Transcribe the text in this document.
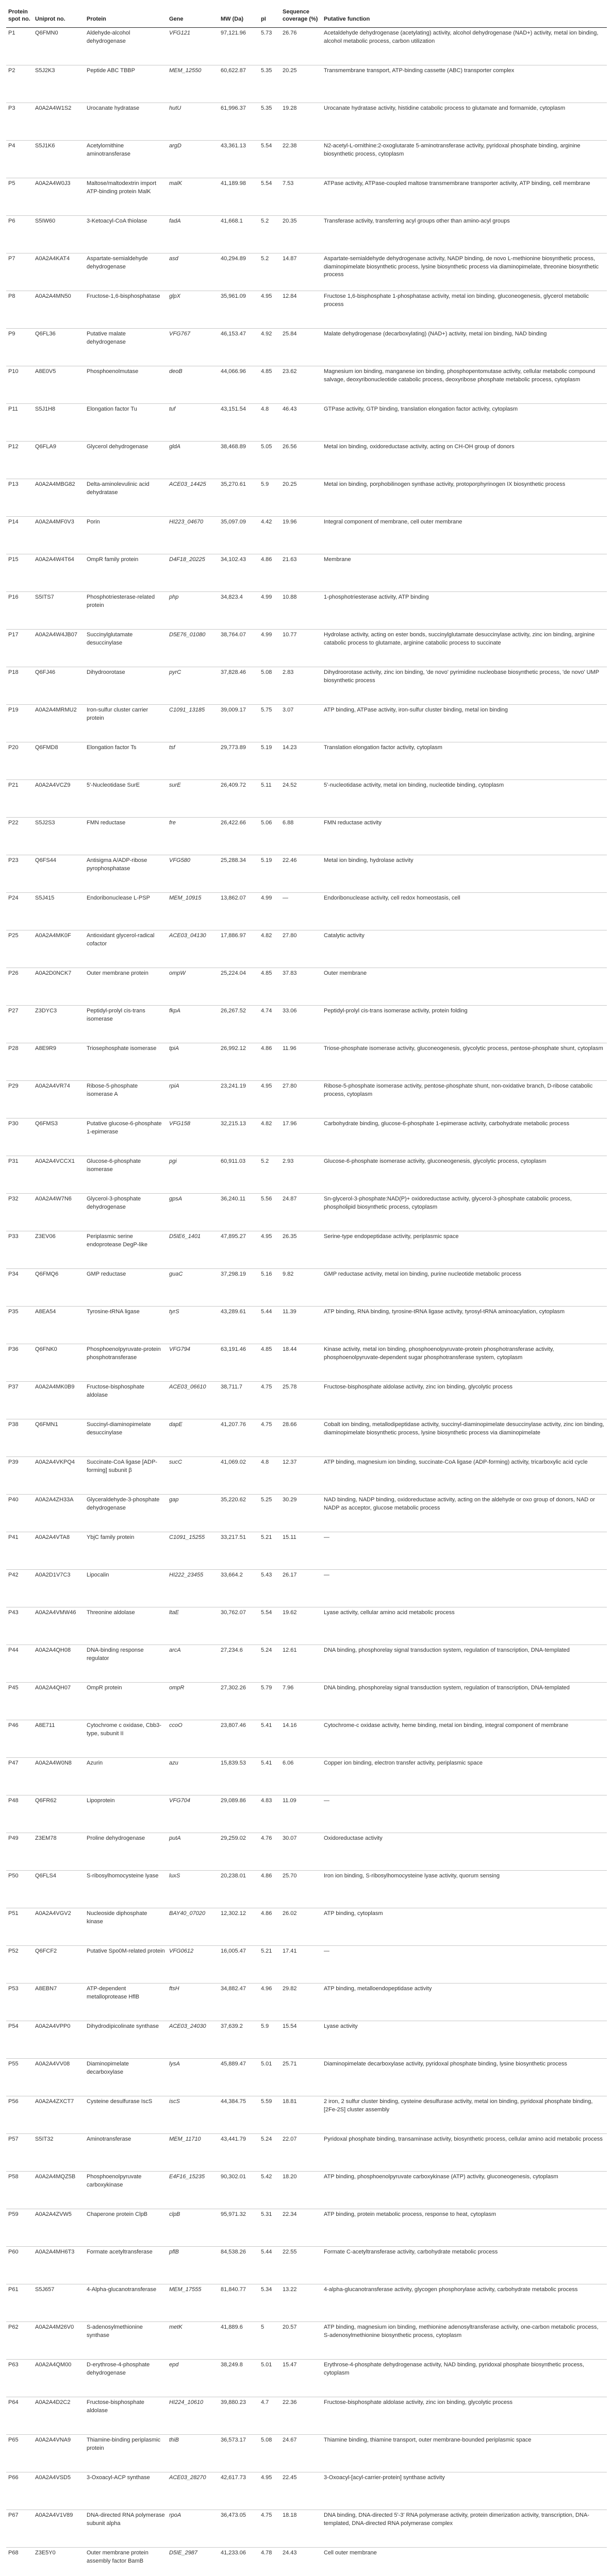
Protein spot no.	Uniprot no.	Protein	Gene	MW (Da)	pI	Sequence coverage (%)	Putative function
P1	Q6FMN0	Aldehyde-alcohol dehydrogenase	VFG121	97,121.96	5.73	26.76	Acetaldehyde dehydrogenase (acetylating) activity, alcohol dehydrogenase (NAD+) activity, metal ion binding, alcohol metabolic process, carbon utilization
P2	S5J2K3	Peptide ABC TBBP	MEM_12550	60,622.87	5.35	20.25	Transmembrane transport, ATP-binding cassette (ABC) transporter complex
P3	A0A2A4W1S2	Urocanate hydratase	hutU	61,996.37	5.35	19.28	Urocanate hydratase activity, histidine catabolic process to glutamate and formamide, cytoplasm
P4	S5J1K6	Acetylornithine aminotransferase	argD	43,361.13	5.54	22.38	N2-acetyl-L-ornithine:2-oxoglutarate 5-aminotransferase activity, pyridoxal phosphate binding, arginine biosynthetic process, cytoplasm
P5	A0A2A4W0J3	Maltose/maltodextrin import ATP-binding protein MalK	malK	41,189.98	5.54	7.53	ATPase activity, ATPase-coupled maltose transmembrane transporter activity, ATP binding, cell membrane
P6	S5IW60	3-Ketoacyl-CoA thiolase	fadA	41,668.1	5.2	20.35	Transferase activity, transferring acyl groups other than amino-acyl groups
P7	A0A2A4KAT4	Aspartate-semialdehyde dehydrogenase	asd	40,294.89	5.2	14.87	Aspartate-semialdehyde dehydrogenase activity, NADP binding, de novo L-methionine biosynthetic process, diaminopimelate biosynthetic process, lysine biosynthetic process via diaminopimelate, threonine biosynthetic process
P8	A0A2A4MN50	Fructose-1,6-bisphosphatase	glpX	35,961.09	4.95	12.84	Fructose 1,6-bisphosphate 1-phosphatase activity, metal ion binding, gluconeogenesis, glycerol metabolic process
P9	Q6FL36	Putative malate dehydrogenase	VFG767	46,153.47	4.92	25.84	Malate dehydrogenase (decarboxylating) (NAD+) activity, metal ion binding, NAD binding
P10	A8E0V5	Phosphoenolmutase	deoB	44,066.96	4.85	23.62	Magnesium ion binding, manganese ion binding, phosphopentomutase activity, cellular metabolic compound salvage, deoxyribonucleotide catabolic process, deoxyribose phosphate metabolic process, cytoplasm
P11	S5J1H8	Elongation factor Tu	tuf	43,151.54	4.8	46.43	GTPase activity, GTP binding, translation elongation factor activity, cytoplasm
P12	Q6FLA9	Glycerol dehydrogenase	gldA	38,468.89	5.05	26.56	Metal ion binding, oxidoreductase activity, acting on CH-OH group of donors
P13	A0A2A4MBG82	Delta-aminolevulinic acid dehydratase	ACE03_14425	35,270.61	5.9	20.25	Metal ion binding, porphobilinogen synthase activity, protoporphyrinogen IX biosynthetic process
P14	A0A2A4MF0V3	Porin	HI223_04670	35,097.09	4.42	19.96	Integral component of membrane, cell outer membrane
P15	A0A2A4W4T64	OmpR family protein	D4F18_20225	34,102.43	4.86	21.63	Membrane
P16	S5ITS7	Phosphotriesterase-related protein	php	34,823.4	4.99	10.88	1-phosphotriesterase activity, ATP binding
P17	A0A2A4W4JB07	Succinylglutamate desuccinylase	D5E76_01080	38,764.07	4.99	10.77	Hydrolase activity, acting on ester bonds, succinylglutamate desuccinylase activity, zinc ion binding, arginine catabolic process to glutamate, arginine catabolic process to succinate
P18	Q6FJ46	Dihydroorotase	pyrC	37,828.46	5.08	2.83	Dihydroorotase activity, zinc ion binding, 'de novo' pyrimidine nucleobase biosynthetic process, 'de novo' UMP biosynthetic process
P19	A0A2A4MRMU2	Iron-sulfur cluster carrier protein	C1091_13185	39,009.17	5.75	3.07	ATP binding, ATPase activity, iron-sulfur cluster binding, metal ion binding
P20	Q6FMD8	Elongation factor Ts	tsf	29,773.89	5.19	14.23	Translation elongation factor activity, cytoplasm
P21	A0A2A4VCZ9	5'-Nucleotidase SurE	surE	26,409.72	5.11	24.52	5'-nucleotidase activity, metal ion binding, nucleotide binding, cytoplasm
P22	S5J2S3	FMN reductase	fre	26,422.66	5.06	6.88	FMN reductase activity
P23	Q6FS44	Antisigma A/ADP-ribose pyrophosphatase	VFG580	25,288.34	5.19	22.46	Metal ion binding, hydrolase activity
P24	S5J415	Endoribonuclease L-PSP	MEM_10915	13,862.07	4.99	—	Endoribonuclease activity, cell redox homeostasis, cell
P25	A0A2A4MK0F	Antioxidant glycerol-radical cofactor	ACE03_04130	17,886.97	4.82	27.80	Catalytic activity
P26	A0A2D0NCK7	Outer membrane protein	ompW	25,224.04	4.85	37.83	Outer membrane
P27	Z3DYC3	Peptidyl-prolyl cis-trans isomerase	fkpA	26,267.52	4.74	33.06	Peptidyl-prolyl cis-trans isomerase activity, protein folding
P28	A8E9R9	Triosephosphate isomerase	tpiA	26,992.12	4.86	11.96	Triose-phosphate isomerase activity, gluconeogenesis, glycolytic process, pentose-phosphate shunt, cytoplasm
P29	A0A2A4VR74	Ribose-5-phosphate isomerase A	rpiA	23,241.19	4.95	27.80	Ribose-5-phosphate isomerase activity, pentose-phosphate shunt, non-oxidative branch, D-ribose catabolic process, cytoplasm
P30	Q6FMS3	Putative glucose-6-phosphate 1-epimerase	VFG158	32,215.13	4.82	17.96	Carbohydrate binding, glucose-6-phosphate 1-epimerase activity, carbohydrate metabolic process
P31	A0A2A4VCCX1	Glucose-6-phosphate isomerase	pgi	60,911.03	5.2	2.93	Glucose-6-phosphate isomerase activity, gluconeogenesis, glycolytic process, cytoplasm
P32	A0A2A4W7N6	Glycerol-3-phosphate dehydrogenase	gpsA	36,240.11	5.56	24.87	Sn-glycerol-3-phosphate:NAD(P)+ oxidoreductase activity, glycerol-3-phosphate catabolic process, phospholipid biosynthetic process, cytoplasm
P33	Z3EV06	Periplasmic serine endoprotease DegP-like	D5IE6_1401	47,895.27	4.95	26.35	Serine-type endopeptidase activity, periplasmic space
P34	Q6FMQ6	GMP reductase	guaC	37,298.19	5.16	9.82	GMP reductase activity, metal ion binding, purine nucleotide metabolic process
P35	A8EA54	Tyrosine-tRNA ligase	tyrS	43,289.61	5.44	11.39	ATP binding, RNA binding, tyrosine-tRNA ligase activity, tyrosyl-tRNA aminoacylation, cytoplasm
P36	Q6FNK0	Phosphoenolpyruvate-protein phosphotransferase	VFG794	63,191.46	4.85	18.44	Kinase activity, metal ion binding, phosphoenolpyruvate-protein phosphotransferase activity, phosphoenolpyruvate-dependent sugar phosphotransferase system, cytoplasm
P37	A0A2A4MK0B9	Fructose-bisphosphate aldolase	ACE03_06610	38,711.7	4.75	25.78	Fructose-bisphosphate aldolase activity, zinc ion binding, glycolytic process
P38	Q6FMN1	Succinyl-diaminopimelate desuccinylase	dapE	41,207.76	4.75	28.66	Cobalt ion binding, metallodipeptidase activity, succinyl-diaminopimelate desuccinylase activity, zinc ion binding, diaminopimelate biosynthetic process, lysine biosynthetic process via diaminopimelate
P39	A0A2A4VKPQ4	Succinate-CoA ligase [ADP-forming] subunit β	sucC	41,069.02	4.8	12.37	ATP binding, magnesium ion binding, succinate-CoA ligase (ADP-forming) activity, tricarboxylic acid cycle
P40	A0A2A4ZH33A	Glyceraldehyde-3-phosphate dehydrogenase	gap	35,220.62	5.25	30.29	NAD binding, NADP binding, oxidoreductase activity, acting on the aldehyde or oxo group of donors, NAD or NADP as acceptor, glucose metabolic process
P41	A0A2A4VTA8	YbjC family protein	C1091_15255	33,217.51	5.21	15.11	—
P42	A0A2D1V7C3	Lipocalin	HI222_23455	33,664.2	5.43	26.17	—
P43	A0A2A4VMW46	Threonine aldolase	ltaE	30,762.07	5.54	19.62	Lyase activity, cellular amino acid metabolic process
P44	A0A2A4QH08	DNA-binding response regulator	arcA	27,234.6	5.24	12.61	DNA binding, phosphorelay signal transduction system, regulation of transcription, DNA-templated
P45	A0A2A4QH07	OmpR protein	ompR	27,302.26	5.79	7.96	DNA binding, phosphorelay signal transduction system, regulation of transcription, DNA-templated
P46	A8E711	Cytochrome c oxidase, Cbb3-type, subunit II	ccoO	23,807.46	5.41	14.16	Cytochrome-c oxidase activity, heme binding, metal ion binding, integral component of membrane
P47	A0A2A4W0N8	Azurin	azu	15,839.53	5.41	6.06	Copper ion binding, electron transfer activity, periplasmic space
P48	Q6FR62	Lipoprotein	VFG704	29,089.86	4.83	11.09	—
P49	Z3EM78	Proline dehydrogenase	putA	29,259.02	4.76	30.07	Oxidoreductase activity
P50	Q6FLS4	S-ribosylhomocysteine lyase	luxS	20,238.01	4.86	25.70	Iron ion binding, S-ribosylhomocysteine lyase activity, quorum sensing
P51	A0A2A4VGV2	Nucleoside diphosphate kinase	BAY40_07020	12,302.12	4.86	26.02	ATP binding, cytoplasm
P52	Q6FCF2	Putative Spo0M-related protein	VFG0612	16,005.47	5.21	17.41	—
P53	A8EBN7	ATP-dependent metalloprotease HflB	ftsH	34,882.47	4.96	29.82	ATP binding, metalloendopeptidase activity
P54	A0A2A4VPP0	Dihydrodipicolinate synthase	ACE03_24030	37,639.2	5.9	15.54	Lyase activity
P55	A0A2A4VV08	Diaminopimelate decarboxylase	lysA	45,889.47	5.01	25.71	Diaminopimelate decarboxylase activity, pyridoxal phosphate binding, lysine biosynthetic process
P56	A0A2A4ZXCT7	Cysteine desulfurase IscS	iscS	44,384.75	5.59	18.81	2 iron, 2 sulfur cluster binding, cysteine desulfurase activity, metal ion binding, pyridoxal phosphate binding, [2Fe-2S] cluster assembly
P57	S5IT32	Aminotransferase	MEM_11710	43,441.79	5.24	22.07	Pyridoxal phosphate binding, transaminase activity, biosynthetic process, cellular amino acid metabolic process
P58	A0A2A4MQZ5B	Phosphoenolpyruvate carboxykinase	E4F16_15235	90,302.01	5.42	18.20	ATP binding, phosphoenolpyruvate carboxykinase (ATP) activity, gluconeogenesis, cytoplasm
P59	A0A2A4ZVW5	Chaperone protein ClpB	clpB	95,971.32	5.31	22.34	ATP binding, protein metabolic process, response to heat, cytoplasm
P60	A0A2A4MH6T3	Formate acetyltransferase	pflB	84,538.26	5.44	22.55	Formate C-acetyltransferase activity, carbohydrate metabolic process
P61	S5J657	4-Alpha-glucanotransferase	MEM_17555	81,840.77	5.34	13.22	4-alpha-glucanotransferase activity, glycogen phosphorylase activity, carbohydrate metabolic process
P62	A0A2A4M26V0	S-adenosylmethionine synthase	metK	41,889.6	5	20.57	ATP binding, magnesium ion binding, methionine adenosyltransferase activity, one-carbon metabolic process, S-adenosylmethionine biosynthetic process, cytoplasm
P63	A0A2A4QM00	D-erythrose-4-phosphate dehydrogenase	epd	38,249.8	5.01	15.47	Erythrose-4-phosphate dehydrogenase activity, NAD binding, pyridoxal phosphate biosynthetic process, cytoplasm
P64	A0A2A4D2C2	Fructose-bisphosphate aldolase	HI224_10610	39,880.23	4.7	22.36	Fructose-bisphosphate aldolase activity, zinc ion binding, glycolytic process
P65	A0A2A4VNA9	Thiamine-binding periplasmic protein	thiB	36,573.17	5.08	24.67	Thiamine binding, thiamine transport, outer membrane-bounded periplasmic space
P66	A0A2A4VSD5	3-Oxoacyl-ACP synthase	ACE03_28270	42,617.73	4.95	22.45	3-Oxoacyl-[acyl-carrier-protein] synthase activity
P67	A0A2A4V1V89	DNA-directed RNA polymerase subunit alpha	rpoA	36,473.05	4.75	18.18	DNA binding, DNA-directed 5'-3' RNA polymerase activity, protein dimerization activity, transcription, DNA-templated, DNA-directed RNA polymerase complex
P68	Z3E5Y0	Outer membrane protein assembly factor BamB	D5IE_2987	41,233.06	4.78	24.43	Cell outer membrane
